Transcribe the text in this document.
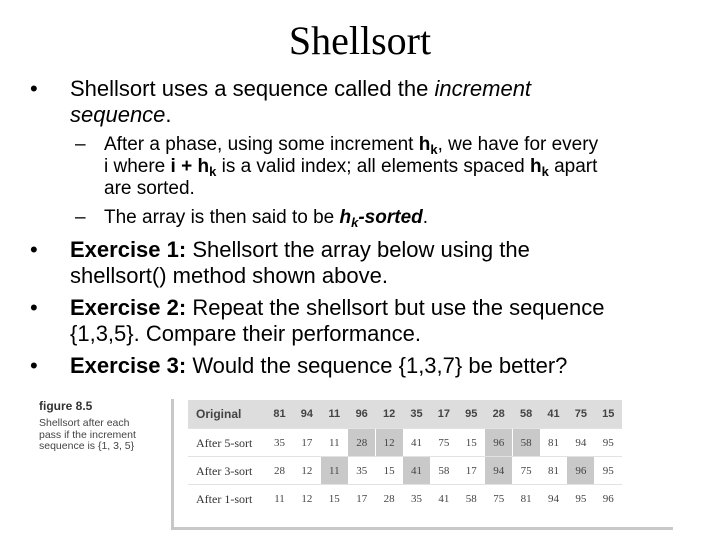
Shellsort
• Shellsort uses a sequence called the increment
sequence.
– After a phase, using some increment $h_k$, we have for every
i where $i + h_k$ is a valid index; all elements spaced $h_k$ apart
are sorted.
– The array is then said to be $h_k$-sorted.
• Exercise 1: Shellsort the array below using the
shellsort() method shown above.
• Exercise 2: Repeat the shellsort but use the sequence
{1,3,5}. Compare their performance.
• Exercise 3: Would the sequence {1,3,7} be better?
figure 8.5
Shellsort after each
pass if the increment
sequence is {1, 3, 5}
Original	81	94	11	96	12	35	17	95	28	58	41	75	15
After 5-sort	35	17	11	28	12	41	75	15	96	58	81	94	95
After 3-sort	28	12	11	35	15	41	58	17	94	75	81	96	95
After 1-sort	11	12	15	17	28	35	41	58	75	81	94	95	96
